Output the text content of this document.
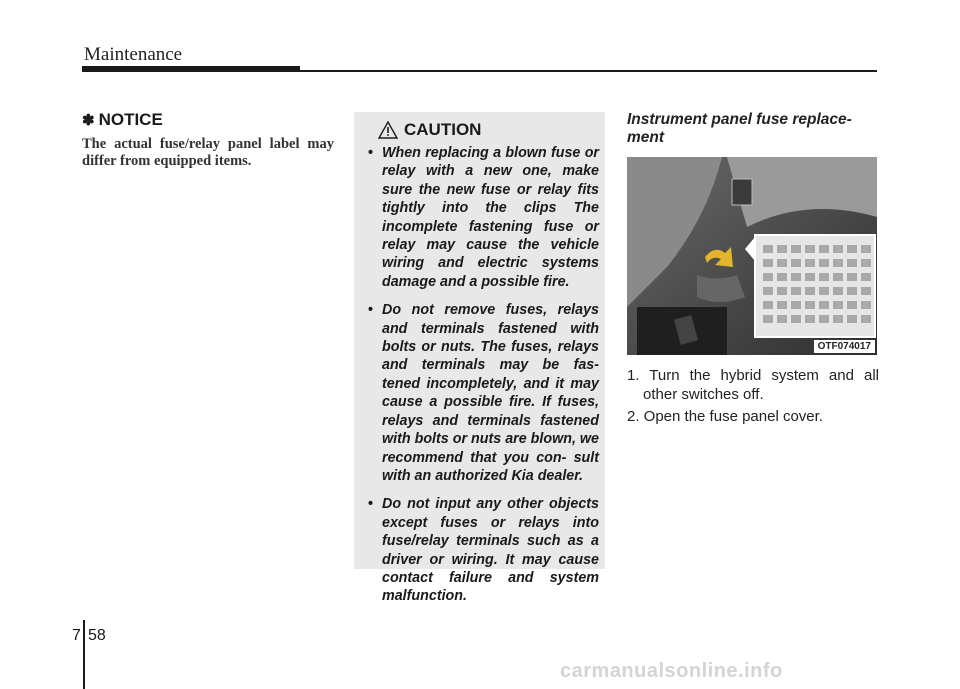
Maintenance
✽ NOTICE
The actual fuse/relay panel label may differ from equipped items.
CAUTION
• When replacing a blown fuse or relay with a new one, make sure the new fuse or relay fits tightly into the clips The incomplete fastening fuse or relay may cause the vehicle wiring and electric systems damage and a possible fire.
• Do not remove fuses, relays and terminals fastened with bolts or nuts. The fuses, relays and terminals may be fas- tened incompletely, and it may cause a possible fire. If fuses, relays and terminals fastened with bolts or nuts are blown, we recommend that you con- sult with an authorized Kia dealer.
• Do not input any other objects except fuses or relays into fuse/relay terminals such as a driver or wiring. It may cause contact failure and system malfunction.
Instrument panel fuse replace- ment
OTF074017
1. Turn the hybrid system and all other switches off.
2. Open the fuse panel cover.
7 58
carmanualsonline.info
